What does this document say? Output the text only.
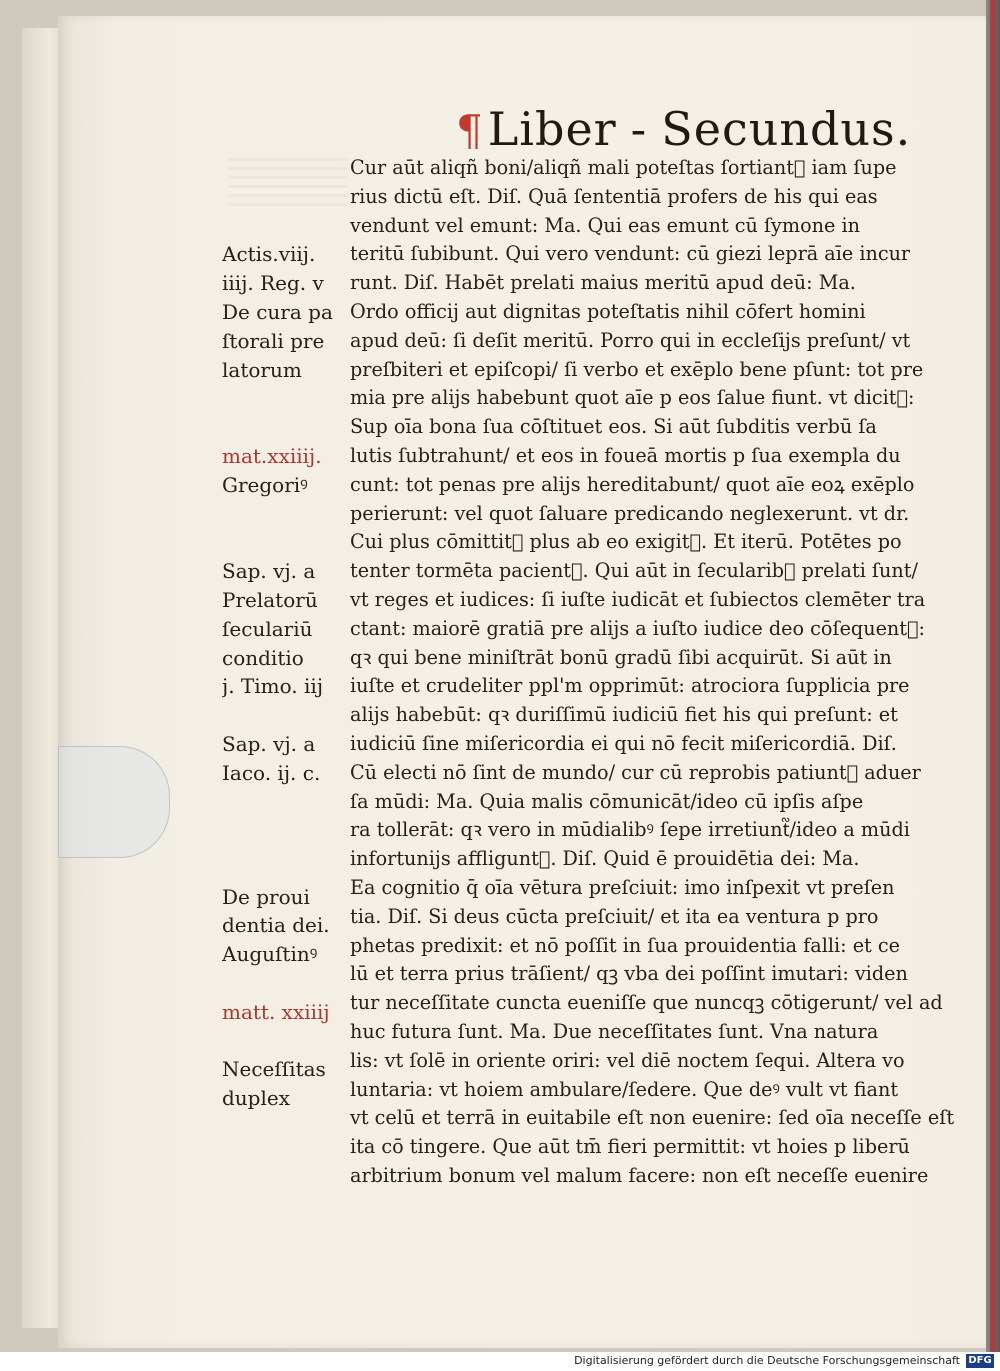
¶Liber - Secundus.
Cur aūt aliqñ boni/aliqñ mali poteſtas ſortiant᷑ iam ſupe
rius dictū eſt. Diſ. Quā ſententiā profers de his qui eas
vendunt vel emunt: Ma. Qui eas emunt cū ſymone in
teritū ſubibunt. Qui vero vendunt: cū giezi leprā aīe incur
runt. Diſ. Habēt prelati maius meritū apud deū: Ma.
Ordo officij aut dignitas poteſtatis nihil cōfert homini
apud deū: ſi deſit meritū. Porro qui in eccleſijs preſunt/ vt
preſbiteri et epiſcopi/ ſi verbo et exēplo bene pſunt: tot pre
mia pre alijs habebunt quot aīe p eos ſalue fiunt. vt dicit᷑:
Sup oīa bona ſua cōſtituet eos. Si aūt ſubditis verbū ſa
lutis ſubtrahunt/ et eos in foueā mortis p ſua exempla du
cunt: tot penas pre alijs hereditabunt/ quot aīe eoꝝ exēplo
perierunt: vel quot ſaluare predicando neglexerunt. vt dr.
Cui plus cōmittit᷑ plus ab eo exigit᷑. Et iterū. Potētes po
tenter tormēta pacient᷑. Qui aūt in ſecularibꝰ prelati ſunt/
vt reges et iudices: ſi iuſte iudicāt et ſubiectos clemēter tra
ctant: maiorē gratiā pre alijs a iuſto iudice deo cōſequent᷑:
qꝛ qui bene miniſtrāt bonū gradū ſibi acquirūt. Si aūt in
iuſte et crudeliter ppl'm opprimūt: atrociora ſupplicia pre
alijs habebūt: qꝛ duriſſimū iudiciū fiet his qui preſunt: et
iudiciū ſine miſericordia ei qui nō fecit miſericordiā. Diſ.
Cū electi nō ſint de mundo/ cur cū reprobis patiunt᷑ aduer
ſa mūdi: Ma. Quia malis cōmunicāt/ideo cū ipſis aſpe
ra tollerāt: qꝛ vero in mūdialibꝰ ſepe irretiunt᷑/ideo a mūdi
infortunijs affligunt᷑. Diſ. Quid ē prouidētia dei: Ma.
Ea cognitio q̄ oīa vētura preſciuit: imo inſpexit vt preſen
tia. Diſ. Si deus cūcta preſciuit/ et ita ea ventura p pro
phetas predixit: et nō poſſit in ſua prouidentia falli: et ce
lū et terra prius trāſient/ qꝫ vba dei poſſint imutari: viden
tur neceſſitate cuncta eueniſſe que nuncqꝫ cōtigerunt/ vel ad
huc futura ſunt. Ma. Due neceſſitates ſunt. Vna natura
lis: vt ſolē in oriente oriri: vel diē noctem ſequi. Altera vo
luntaria: vt hoiem ambulare/ſedere. Que deꝰ vult vt fiant
vt celū et terrā in euitabile eſt non euenire: ſed oīa neceſſe eſt
ita cō tingere. Que aūt tm̄ fieri permittit: vt hoies p liberū
arbitrium bonum vel malum facere: non eſt neceſſe euenire
Actis.viij.
iiij. Reg. v
De cura pa
ſtorali pre
latorum
mat.xxiiij.
Gregoriꝰ
Sap. vj. a
Prelatorū
ſeculariū
conditio
j. Timo. iij
Sap. vj. a
Iaco. ij. c.
De proui
dentia dei.
Auguſtinꝰ
matt. xxiiij
Neceſſitas
duplex
Digitalisierung gefördert durch die Deutsche Forschungsgemeinschaft DFG
